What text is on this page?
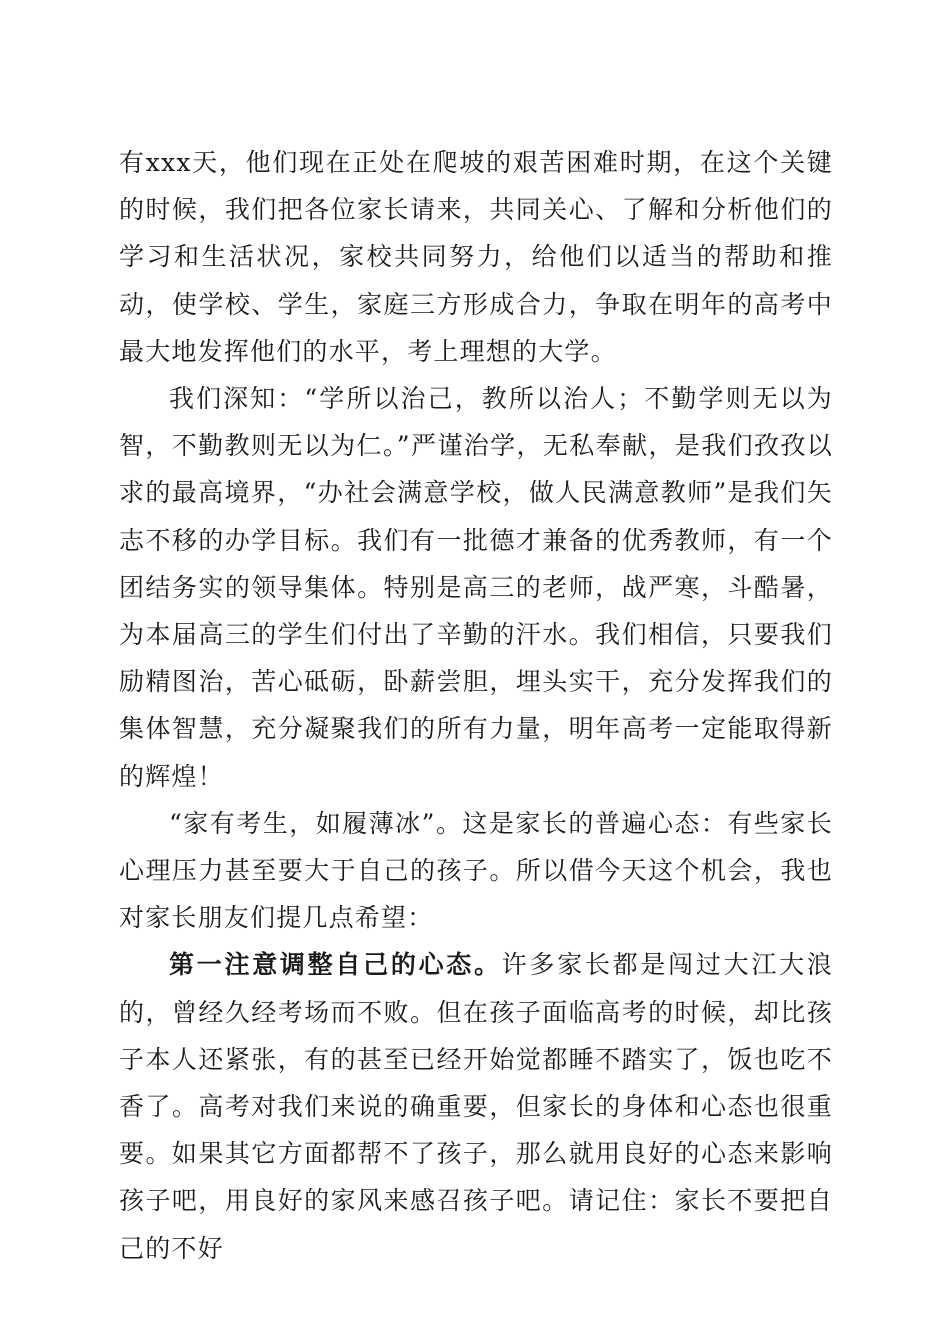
有xxx天，他们现在正处在爬坡的艰苦困难时期，在这个关键的时候，我们把各位家长请来，共同关心、了解和分析他们的学习和生活状况，家校共同努力，给他们以适当的帮助和推动，使学校、学生，家庭三方形成合力，争取在明年的高考中最大地发挥他们的水平，考上理想的大学。

我们深知：“学所以治己，教所以治人；不勤学则无以为智，不勤教则无以为仁。”严谨治学，无私奉献，是我们孜孜以求的最高境界，“办社会满意学校，做人民满意教师”是我们矢志不移的办学目标。我们有一批德才兼备的优秀教师，有一个团结务实的领导集体。特别是高三的老师，战严寒，斗酷暑，为本届高三的学生们付出了辛勤的汗水。我们相信，只要我们励精图治，苦心砥砺，卧薪尝胆，埋头实干，充分发挥我们的集体智慧，充分凝聚我们的所有力量，明年高考一定能取得新的辉煌！

“家有考生，如履薄冰”。这是家长的普遍心态：有些家长心理压力甚至要大于自己的孩子。所以借今天这个机会，我也对家长朋友们提几点希望：

第一注意调整自己的心态。许多家长都是闯过大江大浪的，曾经久经考场而不败。但在孩子面临高考的时候，却比孩子本人还紧张，有的甚至已经开始觉都睡不踏实了，饭也吃不香了。高考对我们来说的确重要，但家长的身体和心态也很重要。如果其它方面都帮不了孩子，那么就用良好的心态来影响孩子吧，用良好的家风来感召孩子吧。请记住：家长不要把自己的不好
